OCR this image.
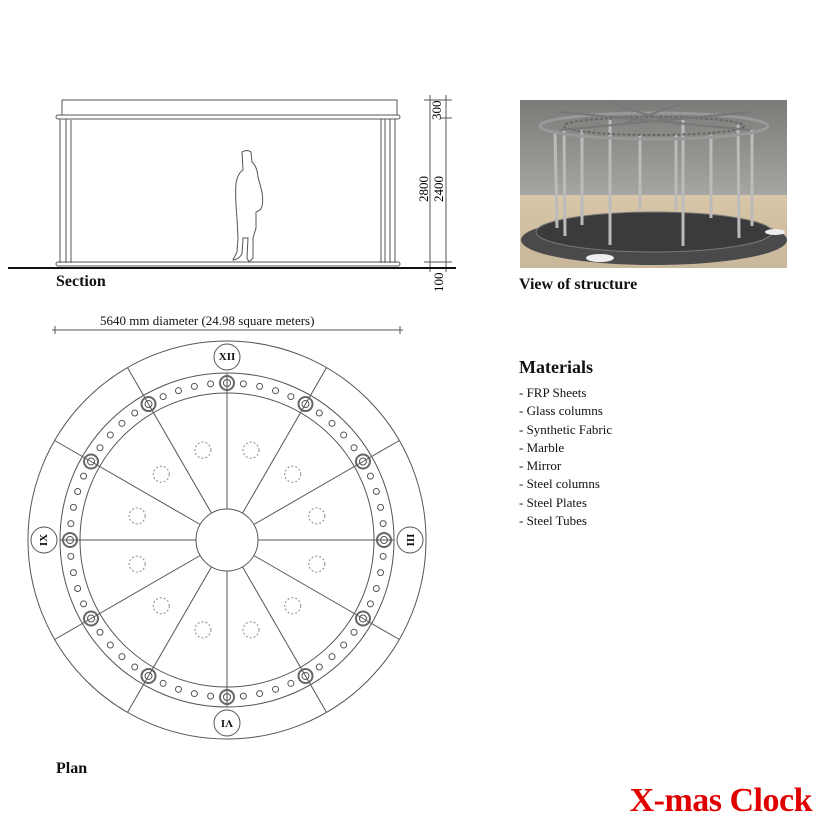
300
2800 2400
100
Section	View of structure
5640 mm diameter (24.98 square meters)
XII
III
VI
IX
Plan
Materials
- FRP Sheets
- Glass columns
- Synthetic Fabric
- Marble
- Mirror
- Steel columns
- Steel Plates
- Steel Tubes
X-mas Clock
